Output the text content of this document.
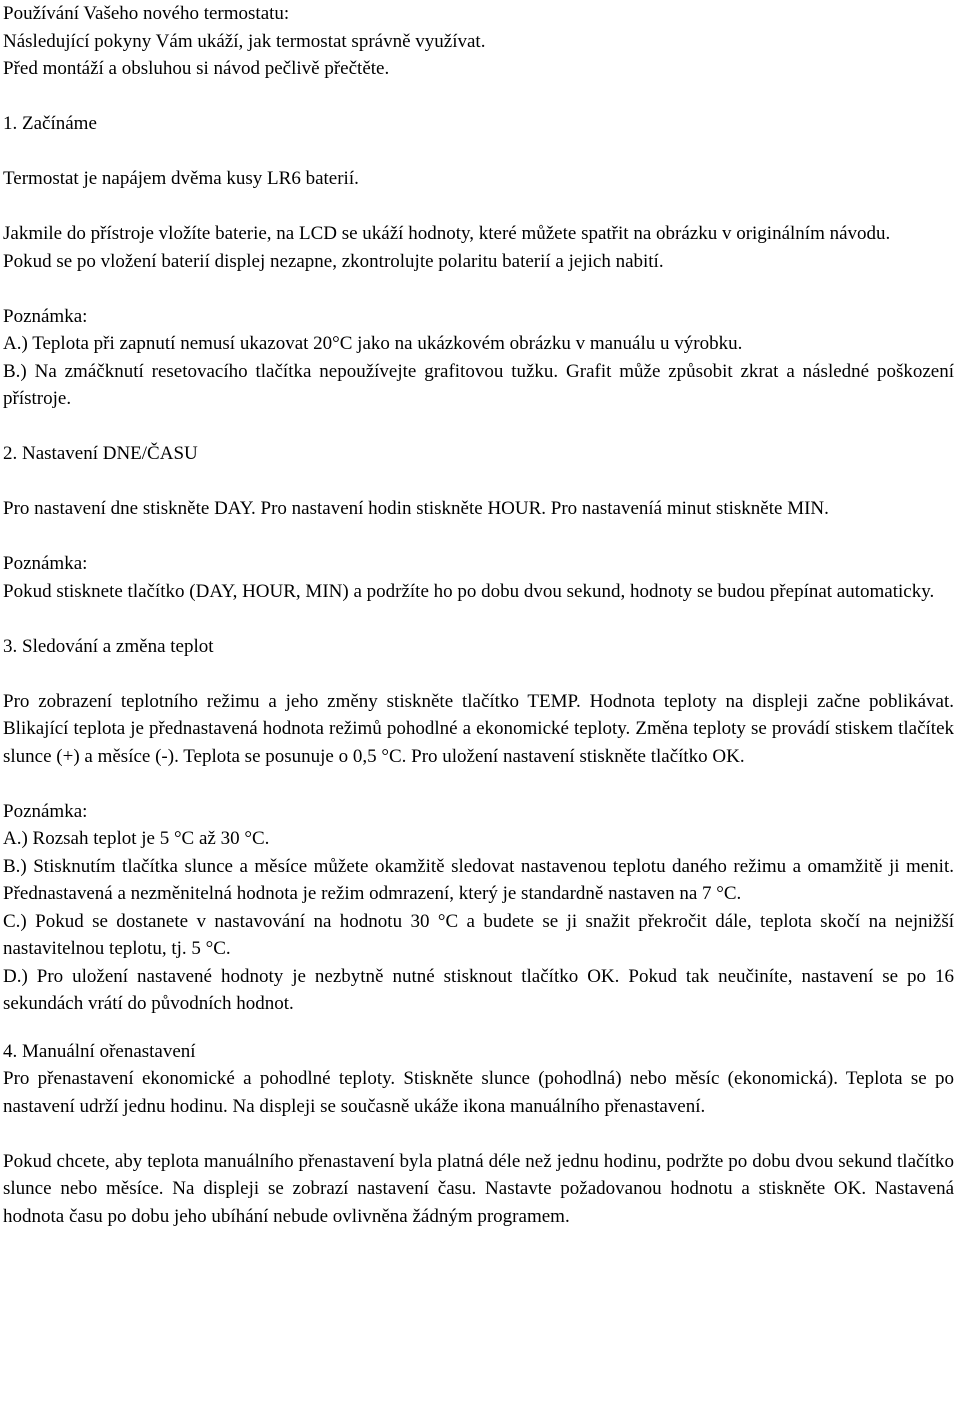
Používání Vašeho nového termostatu:

Následující pokyny Vám ukáží, jak termostat správně využívat.

Před montáží a obsluhou si návod pečlivě přečtěte.

1. Začínáme

Termostat je napájem dvěma kusy LR6 baterií.

Jakmile do přístroje vložíte baterie, na LCD se ukáží hodnoty, které můžete spatřit na obrázku v originálním návodu.

Pokud se po vložení baterií displej nezapne, zkontrolujte polaritu baterií a jejich nabití.

Poznámka:

A.) Teplota při zapnutí nemusí ukazovat 20°C jako na ukázkovém obrázku v manuálu u výrobku.

B.) Na zmáčknutí resetovacího tlačítka nepoužívejte grafitovou tužku. Grafit může způsobit zkrat a následné poškození přístroje.

2. Nastavení DNE/ČASU

Pro nastavení dne stiskněte DAY. Pro nastavení hodin stiskněte HOUR. Pro nastaveníá minut stiskněte MIN.

Poznámka:

Pokud stisknete tlačítko (DAY, HOUR, MIN) a podržíte ho po dobu dvou sekund, hodnoty se budou přepínat automaticky.

3. Sledování a změna teplot

Pro zobrazení teplotního režimu a jeho změny stiskněte tlačítko TEMP. Hodnota teploty na displeji začne poblikávat. Blikající teplota je přednastavená hodnota režimů pohodlné a ekonomické teploty. Změna teploty se provádí stiskem tlačítek slunce (+) a měsíce (-). Teplota se posunuje o 0,5 °C. Pro uložení nastavení stiskněte tlačítko OK.

Poznámka:

A.) Rozsah teplot je 5 °C až 30 °C.

B.) Stisknutím tlačítka slunce a měsíce můžete okamžitě sledovat nastavenou teplotu daného režimu a omamžitě ji menit. Přednastavená a nezměnitelná hodnota je režim odmrazení, který je standardně nastaven na 7 °C.

C.) Pokud se dostanete v nastavování na hodnotu 30 °C a budete se ji snažit překročit dále, teplota skočí na nejnižší nastavitelnou teplotu, tj. 5 °C.

D.) Pro uložení nastavené hodnoty je nezbytně nutné stisknout tlačítko OK. Pokud tak neučiníte, nastavení se po 16 sekundách vrátí do původních hodnot.

4. Manuální ořenastavení

Pro přenastavení ekonomické a pohodlné teploty. Stiskněte slunce (pohodlná) nebo měsíc (ekonomická). Teplota se po nastavení udrží jednu hodinu. Na displeji se současně ukáže ikona manuálního přenastavení.

Pokud chcete, aby teplota manuálního přenastavení byla platná déle než jednu hodinu, podržte po dobu dvou sekund tlačítko slunce nebo měsíce. Na displeji se zobrazí nastavení času. Nastavte požadovanou hodnotu a stiskněte OK. Nastavená hodnota času po dobu jeho ubíhání nebude ovlivněna žádným programem.
